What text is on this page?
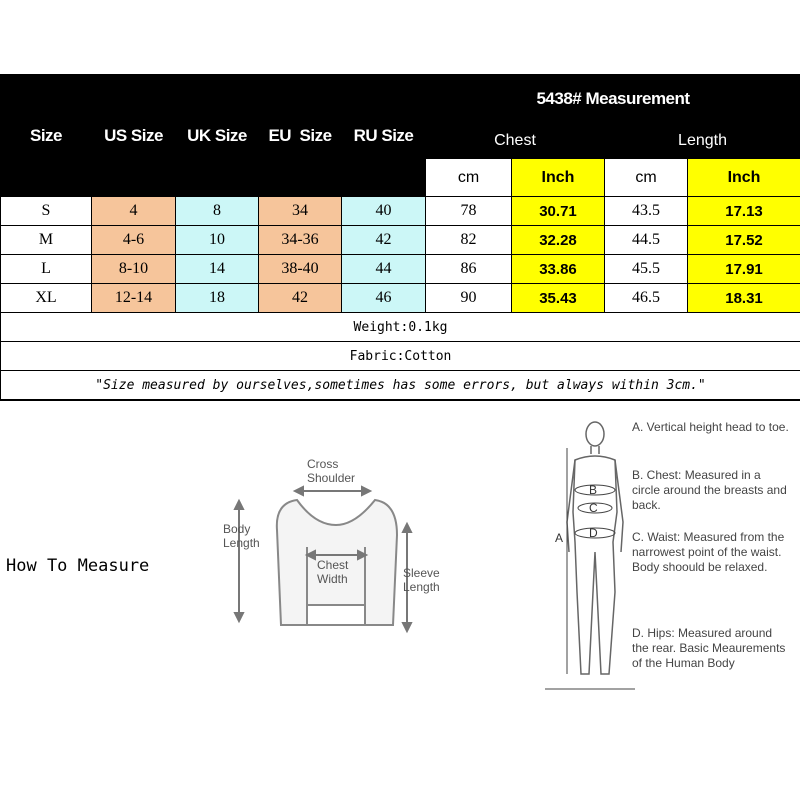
Size	US Size	UK Size	EU  Size	RU Size	5438# Measurement			
					Chest		Length	
					cm	Inch	cm	Inch
S	4	8	34	40	78	30.71	43.5	17.13
M	4-6	10	34-36	42	82	32.28	44.5	17.52
L	8-10	14	38-40	44	86	33.86	45.5	17.91
XL	12-14	18	42	46	90	35.43	46.5	18.31
Weight:0.1kg								
Fabric:Cotton								
"Size measured by ourselves,sometimes has some errors, but always within 3cm."								
How To Measure
Cross
Shoulder
Body
Length
Chest
Width	Sleeve
Length
B
C
D
A
A. Vertical height head to toe.
B. Chest: Measured in a circle around the breasts and back.
C. Waist: Measured from the narrowest point of the waist. Body shoould be relaxed.
D. Hips: Measured around the rear. Basic Meaurements of the Human Body
